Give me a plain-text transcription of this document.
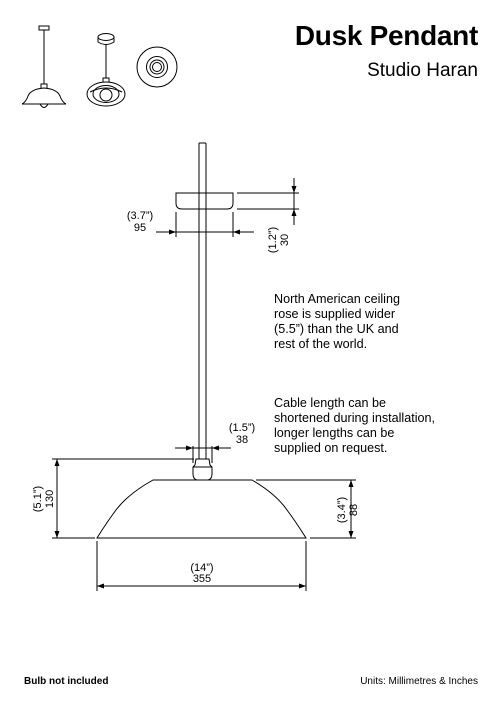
(3.7”)
95	(1.2”) 30
(1.5”)
38
(5.1”) 130	(3.4”) 88
(14”)
355
Dusk Pendant
Studio Haran
North American ceiling
rose is supplied wider
(5.5”) than the UK and
rest of the world.
Cable length can be
shortened during installation,
longer lengths can be
supplied on request.
Bulb not included	Units: Millimetres & Inches
